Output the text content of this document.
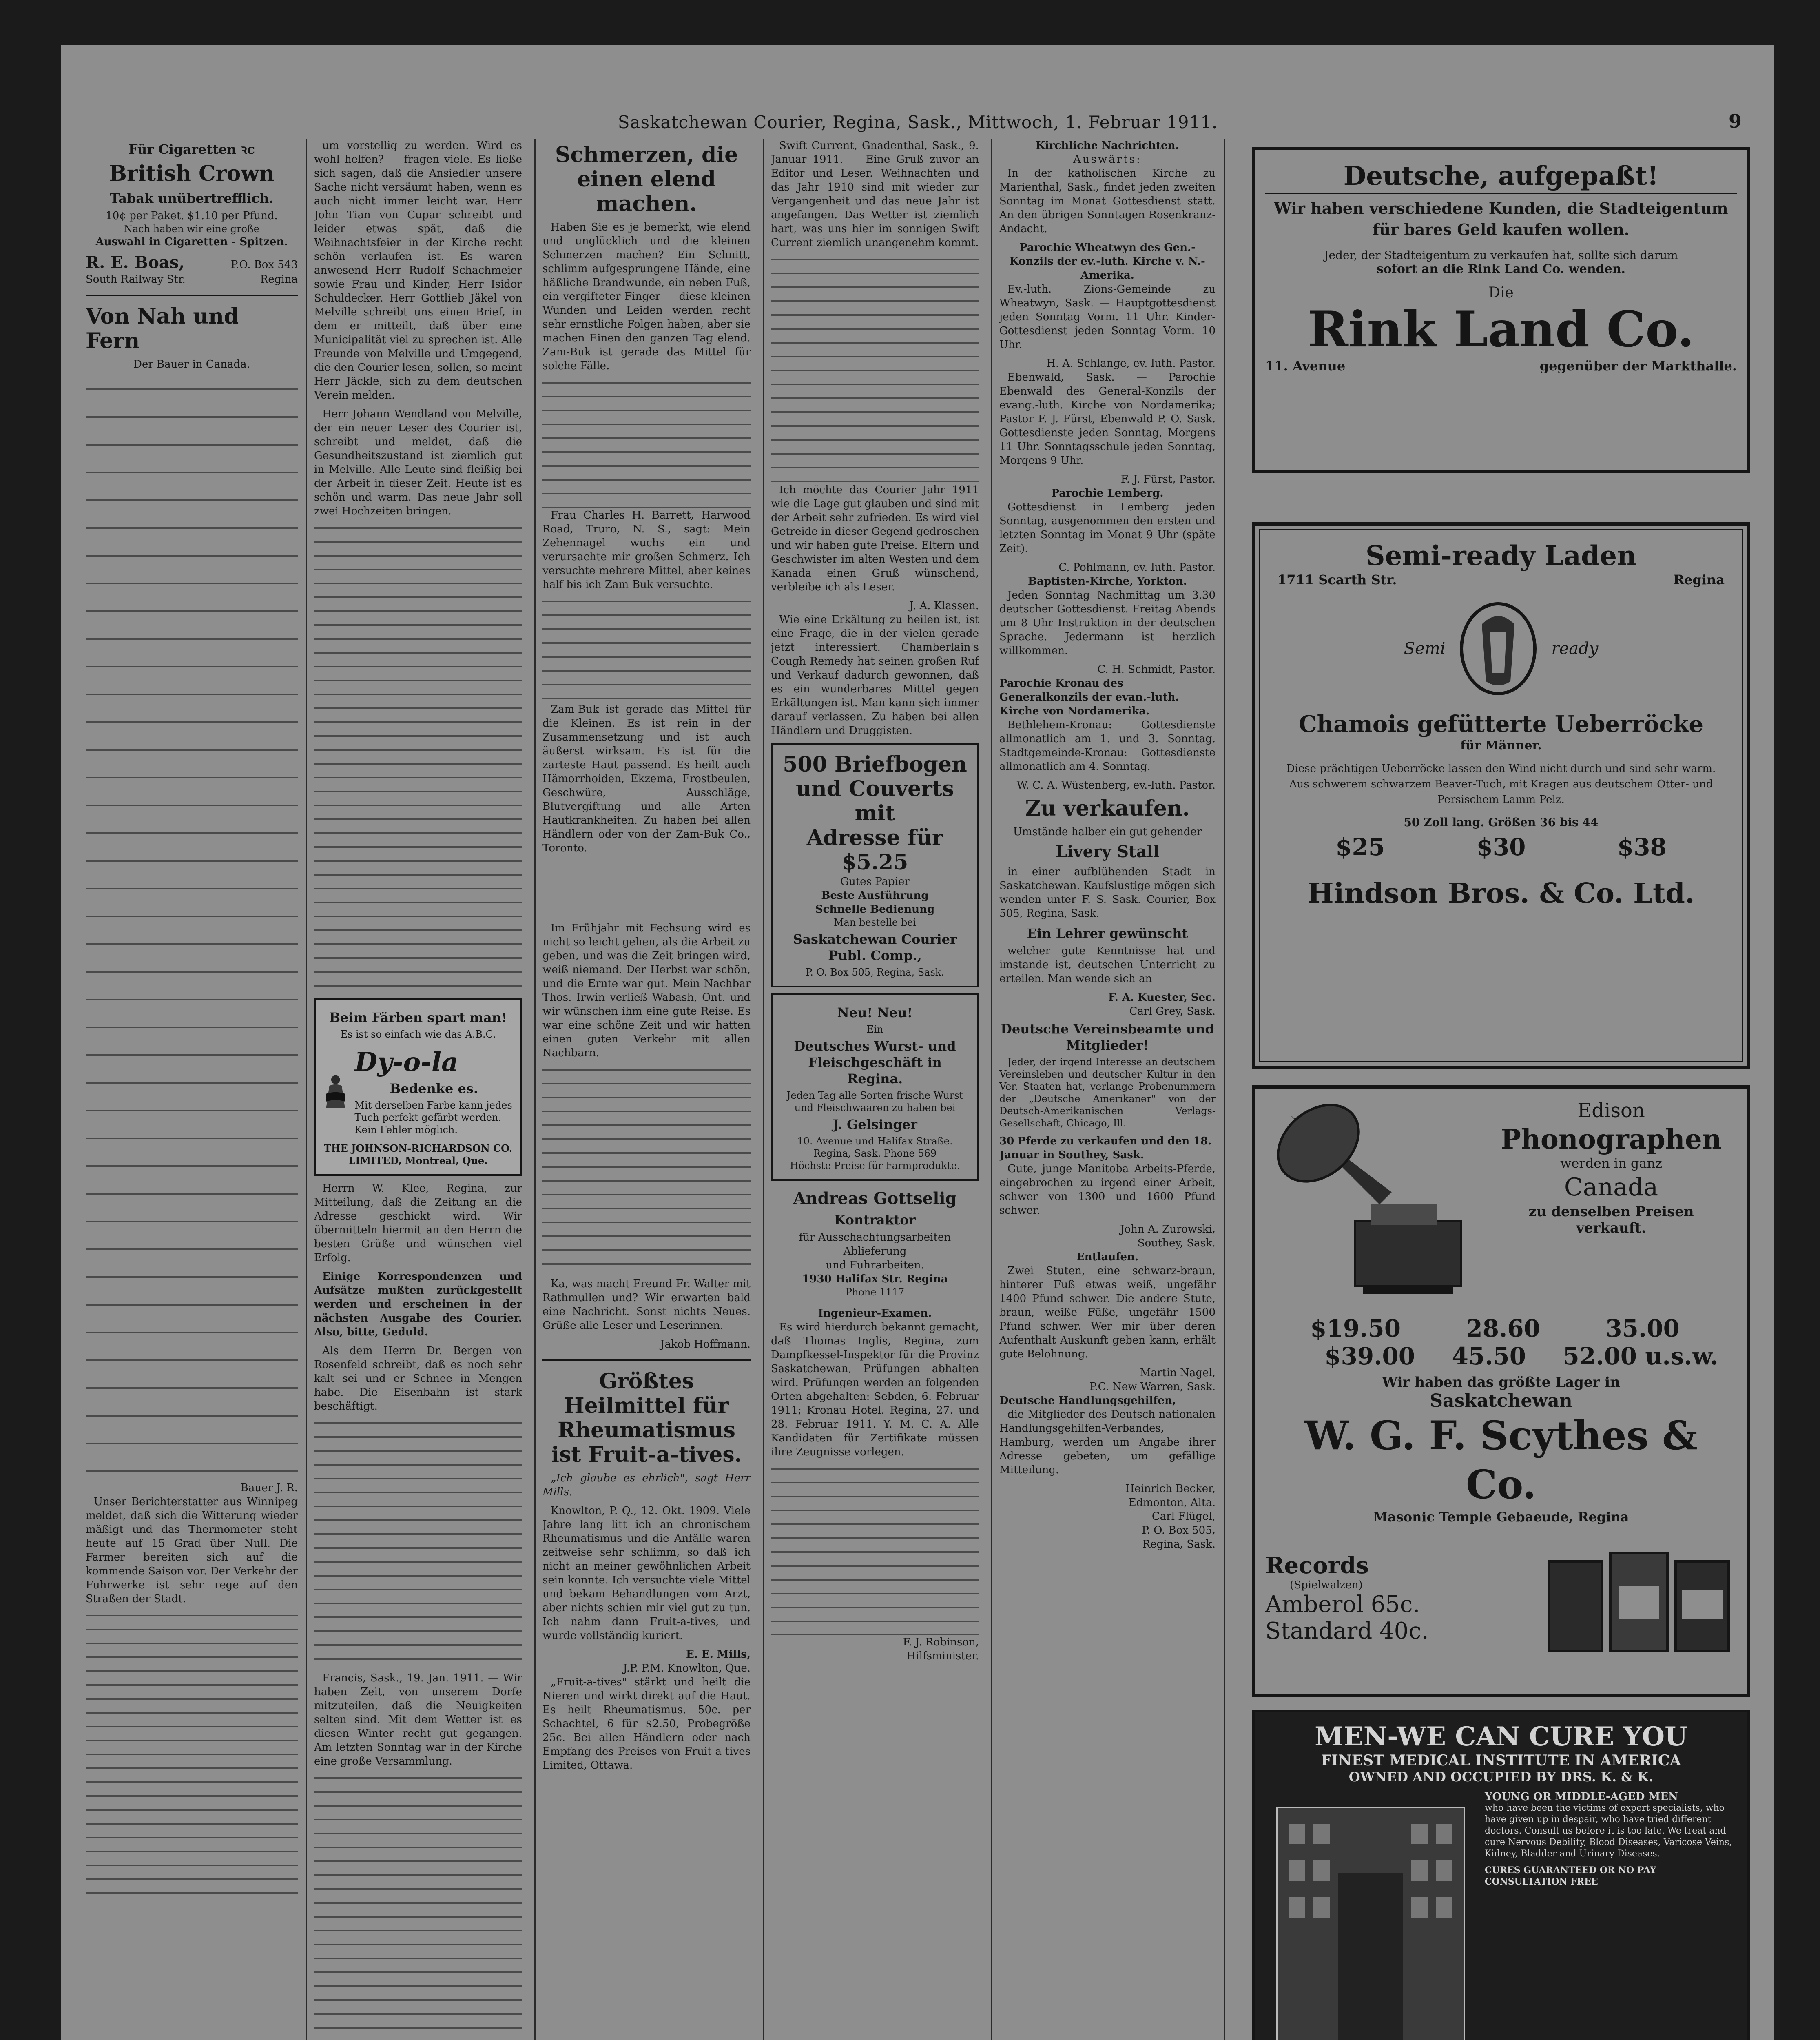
Saskatchewan Courier, Regina, Sask., Mittwoch, 1. Februar 1911.	9
Für Cigaretten ꝛc
British Crown
Tabak unübertrefflich.
10¢ per Paket. $1.10 per Pfund.
Nach haben wir eine große
Auswahl in Cigaretten - Spitzen.
R. E. Boas,	P.O. Box 543
South Railway Str.	Regina
Von Nah und Fern
Der Bauer in Canada.
Bauer J. R.

Unser Berichterstatter aus Winnipeg meldet, daß sich die Witterung wieder mäßigt und das Thermometer steht heute auf 15 Grad über Null. Die Farmer bereiten sich auf die kommende Saison vor. Der Verkehr der Fuhrwerke ist sehr rege auf den Straßen der Stadt.

um vorstellig zu werden. Wird es wohl helfen? — fragen viele. Es ließe sich sagen, daß die Ansiedler unsere Sache nicht versäumt haben, wenn es auch nicht immer leicht war. Herr John Tian von Cupar schreibt und leider etwas spät, daß die Weihnachtsfeier in der Kirche recht schön verlaufen ist. Es waren anwesend Herr Rudolf Schachmeier sowie Frau und Kinder, Herr Isidor Schuldecker. Herr Gottlieb Jäkel von Melville schreibt uns einen Brief, in dem er mitteilt, daß über eine Municipalität viel zu sprechen ist. Alle Freunde von Melville und Umgegend, die den Courier lesen, sollen, so meint Herr Jäckle, sich zu dem deutschen Verein melden.

Herr Johann Wendland von Melville, der ein neuer Leser des Courier ist, schreibt und meldet, daß die Gesundheitszustand ist ziemlich gut in Melville. Alle Leute sind fleißig bei der Arbeit in dieser Zeit. Heute ist es schön und warm. Das neue Jahr soll zwei Hochzeiten bringen.

Beim Färben spart man!
Es ist so einfach wie das A.B.C.
Dy-o-la
Bedenke es.
Mit derselben Farbe kann jedes Tuch perfekt gefärbt werden. Kein Fehler möglich.
THE JOHNSON-RICHARDSON CO. LIMITED, Montreal, Que.

Herrn W. Klee, Regina, zur Mitteilung, daß die Zeitung an die Adresse geschickt wird. Wir übermitteln hiermit an den Herrn die besten Grüße und wünschen viel Erfolg.

Einige Korrespondenzen und Aufsätze mußten zurückgestellt werden und erscheinen in der nächsten Ausgabe des Courier. Also, bitte, Geduld.

Als dem Herrn Dr. Bergen von Rosenfeld schreibt, daß es noch sehr kalt sei und er Schnee in Mengen habe. Die Eisenbahn ist stark beschäftigt.

Francis, Sask., 19. Jan. 1911. — Wir haben Zeit, von unserem Dorfe mitzuteilen, daß die Neuigkeiten selten sind. Mit dem Wetter ist es diesen Winter recht gut gegangen. Am letzten Sonntag war in der Kirche eine große Versammlung.

Schmerzen, die einen elend machen.

Haben Sie es je bemerkt, wie elend und unglücklich und die kleinen Schmerzen machen? Ein Schnitt, schlimm aufgesprungene Hände, eine häßliche Brandwunde, ein neben Fuß, ein vergifteter Finger — diese kleinen Wunden und Leiden werden recht sehr ernstliche Folgen haben, aber sie machen Einen den ganzen Tag elend. Zam-Buk ist gerade das Mittel für solche Fälle.

Frau Charles H. Barrett, Harwood Road, Truro, N. S., sagt: Mein Zehennagel wuchs ein und verursachte mir großen Schmerz. Ich versuchte mehrere Mittel, aber keines half bis ich Zam-Buk versuchte.

Zam-Buk ist gerade das Mittel für die Kleinen. Es ist rein in der Zusammensetzung und ist auch äußerst wirksam. Es ist für die zarteste Haut passend. Es heilt auch Hämorrhoiden, Ekzema, Frostbeulen, Geschwüre, Ausschläge, Blutvergiftung und alle Arten Hautkrankheiten. Zu haben bei allen Händlern oder von der Zam-Buk Co., Toronto.

Im Frühjahr mit Fechsung wird es nicht so leicht gehen, als die Arbeit zu geben, und was die Zeit bringen wird, weiß niemand. Der Herbst war schön, und die Ernte war gut. Mein Nachbar Thos. Irwin verließ Wabash, Ont. und wir wünschen ihm eine gute Reise. Es war eine schöne Zeit und wir hatten einen guten Verkehr mit allen Nachbarn.

Ka, was macht Freund Fr. Walter mit Rathmullen und? Wir erwarten bald eine Nachricht. Sonst nichts Neues. Grüße alle Leser und Leserinnen.

Jakob Hoffmann.
Größtes Heilmittel für Rheumatismus ist Fruit-a-tives.

„Ich glaube es ehrlich", sagt Herr Mills.

Knowlton, P. Q., 12. Okt. 1909. Viele Jahre lang litt ich an chronischem Rheumatismus und die Anfälle waren zeitweise sehr schlimm, so daß ich nicht an meiner gewöhnlichen Arbeit sein konnte. Ich versuchte viele Mittel und bekam Behandlungen vom Arzt, aber nichts schien mir viel gut zu tun. Ich nahm dann Fruit-a-tives, und wurde vollständig kuriert.

E. E. Mills,
J.P. P.M. Knowlton, Que.

„Fruit-a-tives" stärkt und heilt die Nieren und wirkt direkt auf die Haut. Es heilt Rheumatismus. 50c. per Schachtel, 6 für $2.50, Probegröße 25c. Bei allen Händlern oder nach Empfang des Preises von Fruit-a-tives Limited, Ottawa.

Swift Current, Gnadenthal, Sask., 9. Januar 1911. — Eine Gruß zuvor an Editor und Leser. Weihnachten und das Jahr 1910 sind mit wieder zur Vergangenheit und das neue Jahr ist angefangen. Das Wetter ist ziemlich hart, was uns hier im sonnigen Swift Current ziemlich unangenehm kommt.

Ich möchte das Courier Jahr 1911 wie die Lage gut glauben und sind mit der Arbeit sehr zufrieden. Es wird viel Getreide in dieser Gegend gedroschen und wir haben gute Preise. Eltern und Geschwister im alten Westen und dem Kanada einen Gruß wünschend, verbleibe ich als Leser.

J. A. Klassen.

Wie eine Erkältung zu heilen ist, ist eine Frage, die in der vielen gerade jetzt interessiert. Chamberlain's Cough Remedy hat seinen großen Ruf und Verkauf dadurch gewonnen, daß es ein wunderbares Mittel gegen Erkältungen ist. Man kann sich immer darauf verlassen. Zu haben bei allen Händlern und Druggisten.

500 Briefbogen
und Couverts mit
Adresse für $5.25
Gutes Papier
Beste Ausführung
Schnelle Bedienung
Man bestelle bei
Saskatchewan Courier Publ. Comp.,
P. O. Box 505, Regina, Sask.
Neu! Neu!
Ein
Deutsches Wurst- und Fleischgeschäft in Regina.
Jeden Tag alle Sorten frische Wurst und Fleischwaaren zu haben bei
J. Gelsinger
10. Avenue und Halifax Straße. Regina, Sask. Phone 569
Höchste Preise für Farmprodukte.
Andreas Gottselig
Kontraktor
für Ausschachtungsarbeiten
Ablieferung
und Fuhrarbeiten.
1930 Halifax Str. Regina
Phone 1117
Ingenieur-Examen.

Es wird hierdurch bekannt gemacht, daß Thomas Inglis, Regina, zum Dampfkessel-Inspektor für die Provinz Saskatchewan, Prüfungen abhalten wird. Prüfungen werden an folgenden Orten abgehalten: Sebden, 6. Februar 1911; Kronau Hotel. Regina, 27. und 28. Februar 1911. Y. M. C. A. Alle Kandidaten für Zertifikate müssen ihre Zeugnisse vorlegen.

F. J. Robinson,
Hilfsminister.
Kirchliche Nachrichten.
Auswärts:

In der katholischen Kirche zu Marienthal, Sask., findet jeden zweiten Sonntag im Monat Gottesdienst statt. An den übrigen Sonntagen Rosenkranz-Andacht.

Parochie Wheatwyn des Gen.-Konzils der ev.-luth. Kirche v. N.-Amerika.

Ev.-luth. Zions-Gemeinde zu Wheatwyn, Sask. — Hauptgottesdienst jeden Sonntag Vorm. 11 Uhr. Kinder-Gottesdienst jeden Sonntag Vorm. 10 Uhr.

H. A. Schlange, ev.-luth. Pastor.

Ebenwald, Sask. — Parochie Ebenwald des General-Konzils der evang.-luth. Kirche von Nordamerika; Pastor F. J. Fürst, Ebenwald P. O. Sask. Gottesdienste jeden Sonntag, Morgens 11 Uhr. Sonntagsschule jeden Sonntag, Morgens 9 Uhr.

F. J. Fürst, Pastor.
Parochie Lemberg.

Gottesdienst in Lemberg jeden Sonntag, ausgenommen den ersten und letzten Sonntag im Monat 9 Uhr (späte Zeit).

C. Pohlmann, ev.-luth. Pastor.
Baptisten-Kirche, Yorkton.

Jeden Sonntag Nachmittag um 3.30 deutscher Gottesdienst. Freitag Abends um 8 Uhr Instruktion in der deutschen Sprache. Jedermann ist herzlich willkommen.

C. H. Schmidt, Pastor.
Parochie Kronau des Generalkonzils der evan.-luth. Kirche von Nordamerika.

Bethlehem-Kronau: Gottesdienste allmonatlich am 1. und 3. Sonntag. Stadtgemeinde-Kronau: Gottesdienste allmonatlich am 4. Sonntag.

W. C. A. Wüstenberg, ev.-luth. Pastor.
Zu verkaufen.
Umstände halber ein gut gehender
Livery Stall

in einer aufblühenden Stadt in Saskatchewan. Kaufslustige mögen sich wenden unter F. S. Sask. Courier, Box 505, Regina, Sask.

Ein Lehrer gewünscht

welcher gute Kenntnisse hat und imstande ist, deutschen Unterricht zu erteilen. Man wende sich an

F. A. Kuester, Sec.
Carl Grey, Sask.
Deutsche Vereinsbeamte und Mitglieder!

Jeder, der irgend Interesse an deutschem Vereinsleben und deutscher Kultur in den Ver. Staaten hat, verlange Probenummern der „Deutsche Amerikaner" von der Deutsch-Amerikanischen Verlags-Gesellschaft, Chicago, Ill.

30 Pferde zu verkaufen und den 18. Januar in Southey, Sask.

Gute, junge Manitoba Arbeits-Pferde, eingebrochen zu irgend einer Arbeit, schwer von 1300 und 1600 Pfund schwer.

John A. Zurowski,
Southey, Sask.
Entlaufen.

Zwei Stuten, eine schwarz-braun, hinterer Fuß etwas weiß, ungefähr 1400 Pfund schwer. Die andere Stute, braun, weiße Füße, ungefähr 1500 Pfund schwer. Wer mir über deren Aufenthalt Auskunft geben kann, erhält gute Belohnung.

Martin Nagel,
P.C. New Warren, Sask.
Deutsche Handlungsgehilfen,

die Mitglieder des Deutsch-nationalen Handlungsgehilfen-Verbandes, Hamburg, werden um Angabe ihrer Adresse gebeten, um gefällige Mitteilung.

Heinrich Becker,
Edmonton, Alta.
Carl Flügel,
P. O. Box 505,
Regina, Sask.
Deutsche, aufgepaßt!
Wir haben verschiedene Kunden, die Stadteigentum für bares Geld kaufen wollen.
Jeder, der Stadteigentum zu verkaufen hat, sollte sich darum
sofort an die Rink Land Co. wenden.
Die
Rink Land Co.
11. Avenue	gegenüber der Markthalle.
Semi-ready Laden
1711 Scarth Str.	Regina
Semi	ready
Chamois gefütterte Ueberröcke
für Männer.
Diese prächtigen Ueberröcke lassen den Wind nicht durch und sind sehr warm. Aus schwerem schwarzem Beaver-Tuch, mit Kragen aus deutschem Otter- und Persischem Lamm-Pelz.
50 Zoll lang. Größen 36 bis 44
$25	$30	$38
Hindson Bros. & Co. Ltd.
Edison
Phonographen
werden in ganz
Canada
zu denselben Preisen
verkauft.
$19.50	28.60	35.00
$39.00 45.50 52.00 u.s.w.
Wir haben das größte Lager in
Saskatchewan
W. G. F. Scythes & Co.
Masonic Temple Gebaeude, Regina
Records
(Spielwalzen)
Amberol 65c.
Standard 40c.
MEN-WE CAN CURE YOU
FINEST MEDICAL INSTITUTE IN AMERICA
OWNED AND OCCUPIED BY DRS. K. & K.
YOUNG OR MIDDLE-AGED MEN
who have been the victims of expert specialists, who have given up in despair, who have tried different doctors. Consult us before it is too late. We treat and cure Nervous Debility, Blood Diseases, Varicose Veins, Kidney, Bladder and Urinary Diseases.
CURES GUARANTEED OR NO PAY
CONSULTATION FREE
